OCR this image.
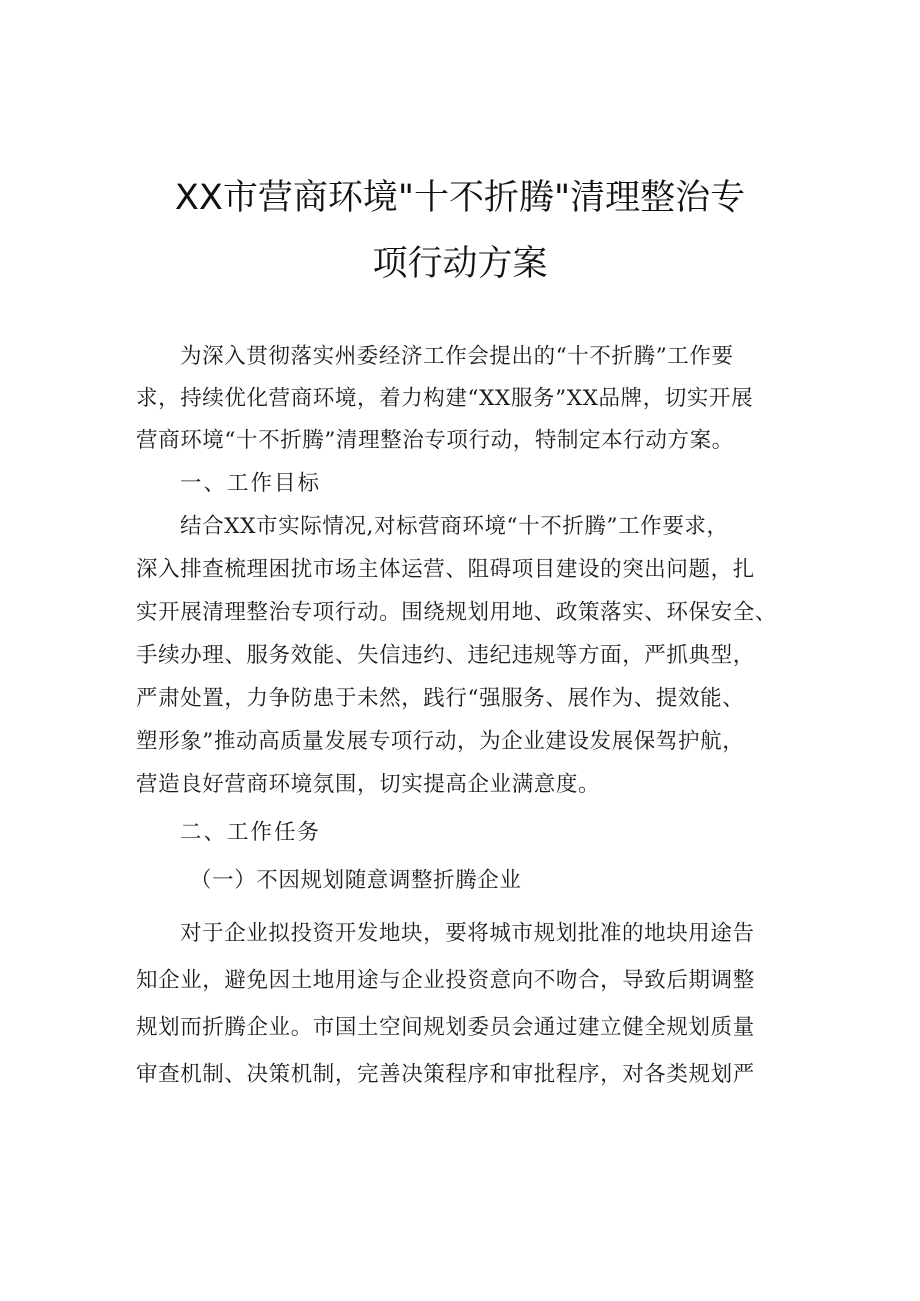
XX市营商环境"十不折腾"清理整治专
项行动方案
为深入贯彻落实州委经济工作会提出的“十不折腾”工作要
求，持续优化营商环境，着力构建“XX服务”XX品牌，切实开展
营商环境“十不折腾”清理整治专项行动，特制定本行动方案。
一、工作目标
结合XX市实际情况,对标营商环境“十不折腾”工作要求，
深入排查梳理困扰市场主体运营、阻碍项目建设的突出问题，扎
实开展清理整治专项行动。围绕规划用地、政策落实、环保安全、
手续办理、服务效能、失信违约、违纪违规等方面，严抓典型，
严肃处置，力争防患于未然，践行“强服务、展作为、提效能、
塑形象”推动高质量发展专项行动，为企业建设发展保驾护航，
营造良好营商环境氛围，切实提高企业满意度。
二、工作任务
（一）不因规划随意调整折腾企业
对于企业拟投资开发地块，要将城市规划批准的地块用途告
知企业，避免因土地用途与企业投资意向不吻合，导致后期调整
规划而折腾企业。市国土空间规划委员会通过建立健全规划质量
审查机制、决策机制，完善决策程序和审批程序，对各类规划严
